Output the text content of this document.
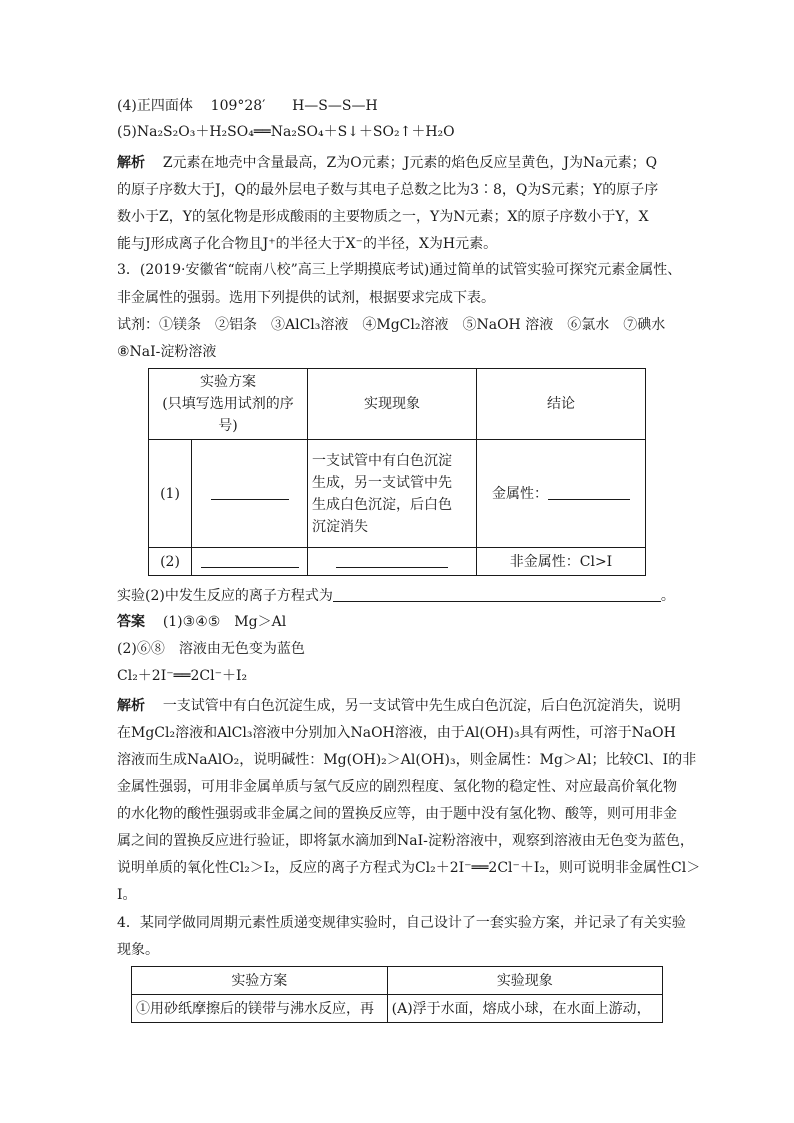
(4)正四面体 109°28′ H—S—S—H
(5)Na₂S₂O₃＋H₂SO₄══Na₂SO₄＋S↓＋SO₂↑＋H₂O
解析 Z元素在地壳中含量最高，Z为O元素；J元素的焰色反应呈黄色，J为Na元素；Q
的原子序数大于J，Q的最外层电子数与其电子总数之比为3∶8，Q为S元素；Y的原子序
数小于Z，Y的氢化物是形成酸雨的主要物质之一，Y为N元素；X的原子序数小于Y，X
能与J形成离子化合物且J⁺的半径大于X⁻的半径，X为H元素。
3．(2019·安徽省“皖南八校”高三上学期摸底考试)通过简单的试管实验可探究元素金属性、
非金属性的强弱。选用下列提供的试剂，根据要求完成下表。
试剂：①镁条　②铝条　③AlCl₃溶液　④MgCl₂溶液　⑤NaOH 溶液　⑥氯水　⑦碘水
⑧NaI-淀粉溶液
实验方案
(只填写选用试剂的序号)		实现现象	结论
(1)		一支试管中有白色沉淀
生成，另一支试管中先
生成白色沉淀，后白色
沉淀消失	金属性：
(2)			非金属性：Cl>I
实验(2)中发生反应的离子方程式为	。
答案 (1)③④⑤　Mg＞Al
(2)⑥⑧　溶液由无色变为蓝色
Cl₂＋2I⁻══2Cl⁻＋I₂
解析 一支试管中有白色沉淀生成，另一支试管中先生成白色沉淀，后白色沉淀消失，说明
在MgCl₂溶液和AlCl₃溶液中分别加入NaOH溶液，由于Al(OH)₃具有两性，可溶于NaOH
溶液而生成NaAlO₂，说明碱性：Mg(OH)₂＞Al(OH)₃，则金属性：Mg＞Al；比较Cl、I的非
金属性强弱，可用非金属单质与氢气反应的剧烈程度、氢化物的稳定性、对应最高价氧化物
的水化物的酸性强弱或非金属之间的置换反应等，由于题中没有氢化物、酸等，则可用非金
属之间的置换反应进行验证，即将氯水滴加到NaI-淀粉溶液中，观察到溶液由无色变为蓝色，
说明单质的氧化性Cl₂＞I₂，反应的离子方程式为Cl₂＋2I⁻══2Cl⁻＋I₂，则可说明非金属性Cl＞
I。
4．某同学做同周期元素性质递变规律实验时，自己设计了一套实验方案，并记录了有关实验
现象。
实验方案	实验现象
①用砂纸摩擦后的镁带与沸水反应，再	(A)浮于水面，熔成小球，在水面上游动，
